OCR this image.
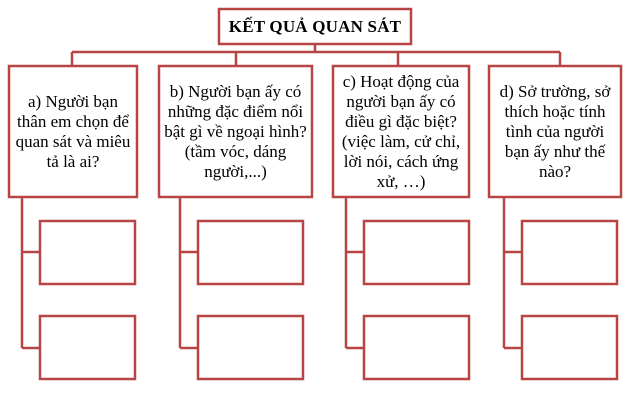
KẾT QUẢ QUAN SÁT
a) Người bạn thân em chọn để quan sát và miêu tả là ai?
b) Người bạn ấy có những đặc điểm nổi bật gì về ngoại hình? (tầm vóc, dáng người,...)
c) Hoạt động của người bạn ấy có điều gì đặc biệt? (việc làm, cử chỉ, lời nói, cách ứng xử, …)
d) Sở trường, sở thích hoặc tính tình của người bạn ấy như thế nào?
